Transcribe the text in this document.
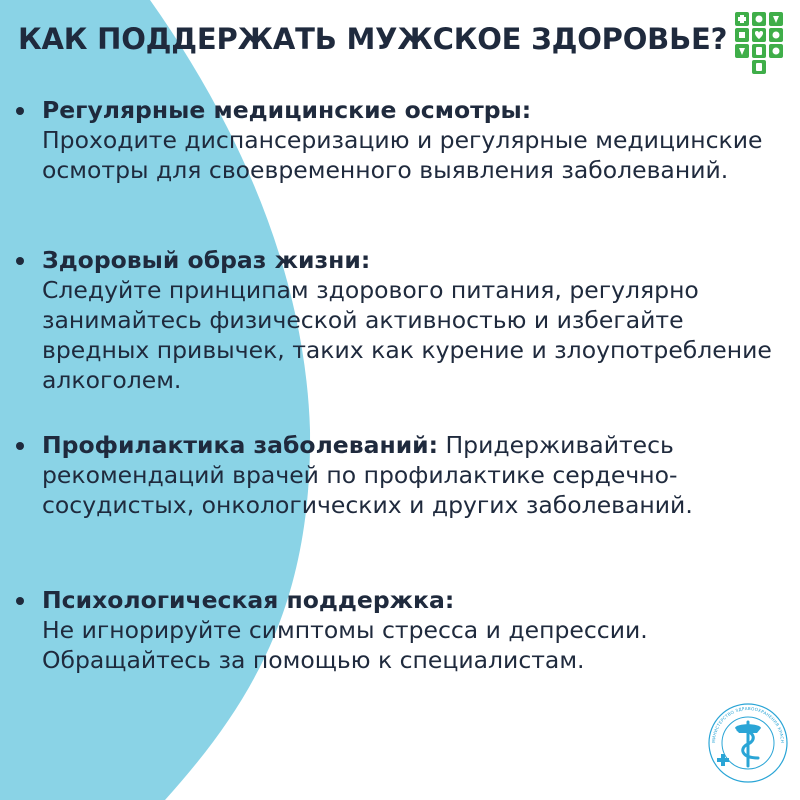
КАК ПОДДЕРЖАТЬ МУЖСКОЕ ЗДОРОВЬЕ?
Регулярные медицинские осмотры:
Проходите диспансеризацию и регулярные медицинские осмотры для своевременного выявления заболеваний.
Здоровый образ жизни:
Следуйте принципам здорового питания, регулярно занимайтесь физической активностью и избегайте вредных привычек, таких как курение и злоупотребление алкоголем.
Профилактика заболеваний: Придерживайтесь рекомендаций врачей по профилактике сердечно-сосудистых, онкологических и других заболеваний.
Психологическая поддержка:
Не игнорируйте симптомы стресса и депрессии. Обращайтесь за помощью к специалистам.
МИНИСТЕРСТВО ЗДРАВООХРАНЕНИЯ КРАСН
